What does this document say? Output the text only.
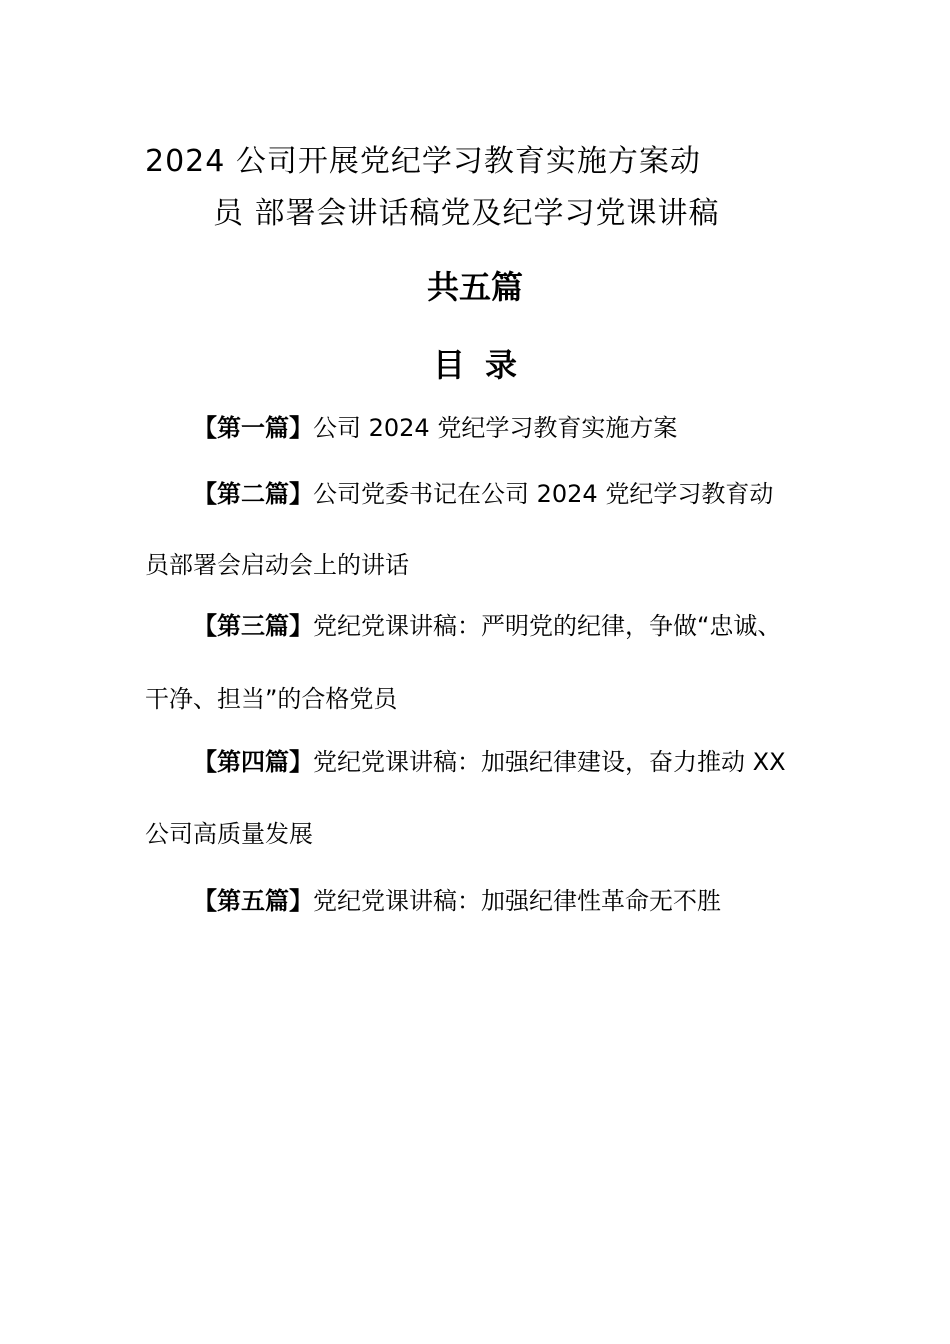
2024 公司开展党纪学习教育实施方案动
员 部署会讲话稿党及纪学习党课讲稿
共五篇
目录
【第一篇】公司 2024 党纪学习教育实施方案
【第二篇】公司党委书记在公司 2024 党纪学习教育动
员部署会启动会上的讲话
【第三篇】党纪党课讲稿：严明党的纪律，争做“忠诚、
干净、担当”的合格党员
【第四篇】党纪党课讲稿：加强纪律建设，奋力推动 XX
公司高质量发展
【第五篇】党纪党课讲稿：加强纪律性革命无不胜
